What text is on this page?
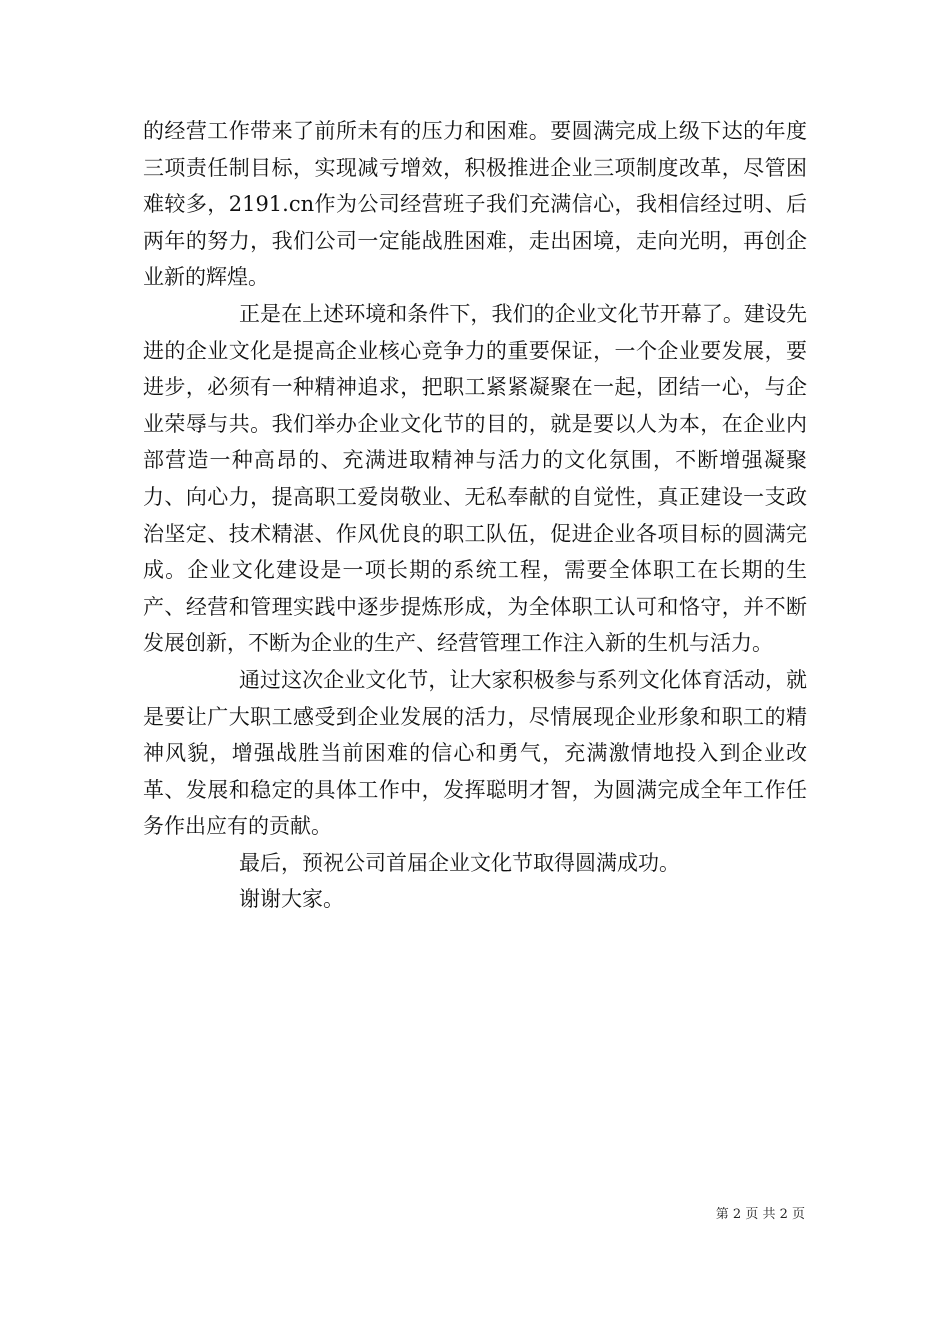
的经营工作带来了前所未有的压力和困难。要圆满完成上级下达的年度三项责任制目标，实现减亏增效，积极推进企业三项制度改革，尽管困难较多，2191.cn作为公司经营班子我们充满信心，我相信经过明、后两年的努力，我们公司一定能战胜困难，走出困境，走向光明，再创企业新的辉煌。

正是在上述环境和条件下，我们的企业文化节开幕了。建设先进的企业文化是提高企业核心竞争力的重要保证，一个企业要发展，要进步，必须有一种精神追求，把职工紧紧凝聚在一起，团结一心，与企业荣辱与共。我们举办企业文化节的目的，就是要以人为本，在企业内部营造一种高昂的、充满进取精神与活力的文化氛围，不断增强凝聚力、向心力，提高职工爱岗敬业、无私奉献的自觉性，真正建设一支政治坚定、技术精湛、作风优良的职工队伍，促进企业各项目标的圆满完成。企业文化建设是一项长期的系统工程，需要全体职工在长期的生产、经营和管理实践中逐步提炼形成，为全体职工认可和恪守，并不断发展创新，不断为企业的生产、经营管理工作注入新的生机与活力。

通过这次企业文化节，让大家积极参与系列文化体育活动，就是要让广大职工感受到企业发展的活力，尽情展现企业形象和职工的精神风貌，增强战胜当前困难的信心和勇气，充满激情地投入到企业改革、发展和稳定的具体工作中，发挥聪明才智，为圆满完成全年工作任务作出应有的贡献。

最后，预祝公司首届企业文化节取得圆满成功。

谢谢大家。

第 2 页 共 2 页
